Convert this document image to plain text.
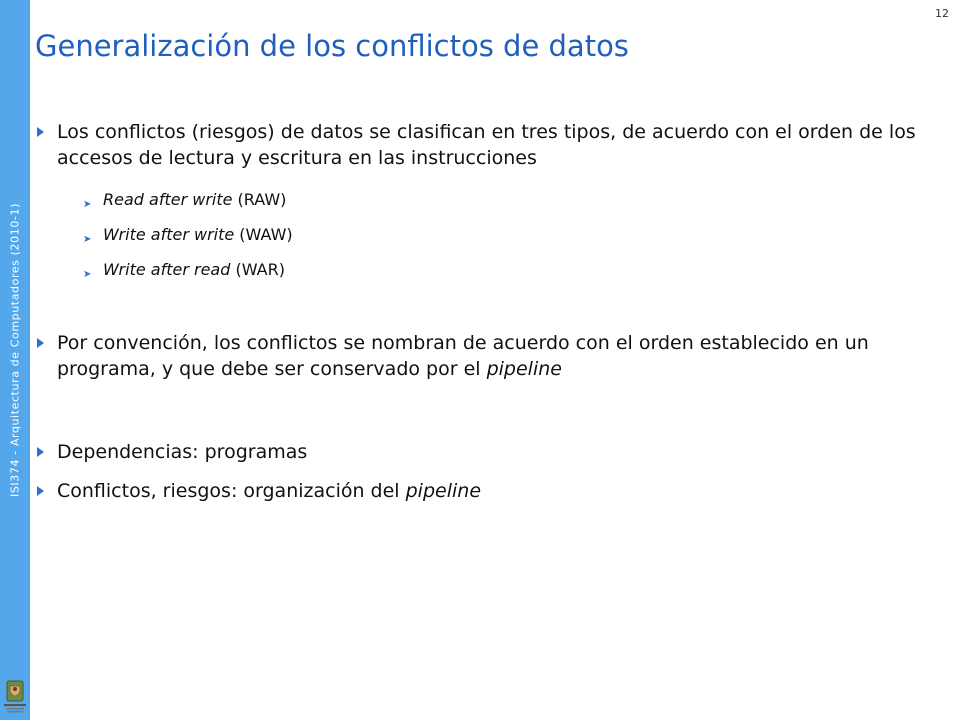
ISI374 - Arquitectura de Computadores (2010-1)
12
Generalización de los conflictos de datos
Los conflictos (riesgos) de datos se clasifican en tres tipos, de acuerdo con el orden de los accesos de lectura y escritura en las instrucciones
➤ Read after write (RAW)
➤ Write after write (WAW)
➤ Write after read (WAR)
Por convención, los conflictos se nombran de acuerdo con el orden establecido en un programa, y que debe ser conservado por el pipeline
Dependencias: programas
Conflictos, riesgos: organización del pipeline
